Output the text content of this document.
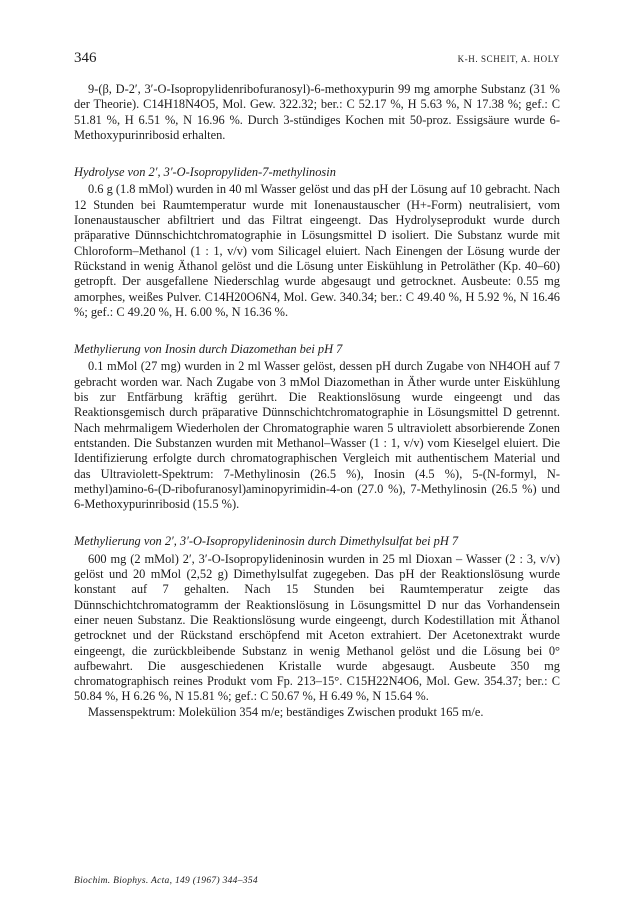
346	K-H. SCHEIT, A. HOLY

9-(β, D-2′, 3′-O-Isopropylidenribofuranosyl)-6-methoxypurin 99 mg amorphe Substanz (31 % der Theorie). C14H18N4O5, Mol. Gew. 322.32; ber.: C 52.17 %, H 5.63 %, N 17.38 %; gef.: C 51.81 %, H 6.51 %, N 16.96 %. Durch 3-stündiges Kochen mit 50-proz. Essigsäure wurde 6-Methoxypurinribosid erhalten.

Hydrolyse von 2′, 3′-O-Isopropyliden-7-methylinosin

0.6 g (1.8 mMol) wurden in 40 ml Wasser gelöst und das pH der Lösung auf 10 gebracht. Nach 12 Stunden bei Raumtemperatur wurde mit Ionenaustauscher (H+-Form) neutralisiert, vom Ionenaustauscher abfiltriert und das Filtrat eingeengt. Das Hydrolyseprodukt wurde durch präparative Dünnschichtchromatographie in Lösungsmittel D isoliert. Die Substanz wurde mit Chloroform–Methanol (1 : 1, v/v) vom Silicagel eluiert. Nach Einengen der Lösung wurde der Rückstand in wenig Äthanol gelöst und die Lösung unter Eiskühlung in Petroläther (Kp. 40–60) getropft. Der ausgefallene Niederschlag wurde abgesaugt und getrocknet. Ausbeute: 0.55 mg amorphes, weißes Pulver. C14H20O6N4, Mol. Gew. 340.34; ber.: C 49.40 %, H 5.92 %, N 16.46 %; gef.: C 49.20 %, H. 6.00 %, N 16.36 %.

Methylierung von Inosin durch Diazomethan bei pH 7

0.1 mMol (27 mg) wurden in 2 ml Wasser gelöst, dessen pH durch Zugabe von NH4OH auf 7 gebracht worden war. Nach Zugabe von 3 mMol Diazomethan in Äther wurde unter Eiskühlung bis zur Entfärbung kräftig gerührt. Die Reaktionslösung wurde eingeengt und das Reaktionsgemisch durch präparative Dünnschichtchromatographie in Lösungsmittel D getrennt. Nach mehrmaligem Wiederholen der Chromatographie waren 5 ultraviolett absorbierende Zonen entstanden. Die Substanzen wurden mit Methanol–Wasser (1 : 1, v/v) vom Kieselgel eluiert. Die Identifizierung erfolgte durch chromatographischen Vergleich mit authentischem Material und das Ultraviolett-Spektrum: 7-Methylinosin (26.5 %), Inosin (4.5 %), 5-(N-formyl, N-methyl)amino-6-(D-ribofuranosyl)aminopyrimidin-4-on (27.0 %), 7-Methylinosin (26.5 %) und 6-Methoxypurinribosid (15.5 %).

Methylierung von 2′, 3′-O-Isopropylideninosin durch Dimethylsulfat bei pH 7

600 mg (2 mMol) 2′, 3′-O-Isopropylideninosin wurden in 25 ml Dioxan – Wasser (2 : 3, v/v) gelöst und 20 mMol (2,52 g) Dimethylsulfat zugegeben. Das pH der Reaktionslösung wurde konstant auf 7 gehalten. Nach 15 Stunden bei Raumtemperatur zeigte das Dünnschichtchromatogramm der Reaktionslösung in Lösungsmittel D nur das Vorhandensein einer neuen Substanz. Die Reaktionslösung wurde eingeengt, durch Kodestillation mit Äthanol getrocknet und der Rückstand erschöpfend mit Aceton extrahiert. Der Acetonextrakt wurde eingeengt, die zurückbleibende Substanz in wenig Methanol gelöst und die Lösung bei 0° aufbewahrt. Die ausgeschiedenen Kristalle wurde abgesaugt. Ausbeute 350 mg chromatographisch reines Produkt vom Fp. 213–15°. C15H22N4O6, Mol. Gew. 354.37; ber.: C 50.84 %, H 6.26 %, N 15.81 %; gef.: C 50.67 %, H 6.49 %, N 15.64 %.

Massenspektrum: Molekülion 354 m/e; beständiges Zwischen produkt 165 m/e.

Biochim. Biophys. Acta, 149 (1967) 344–354
